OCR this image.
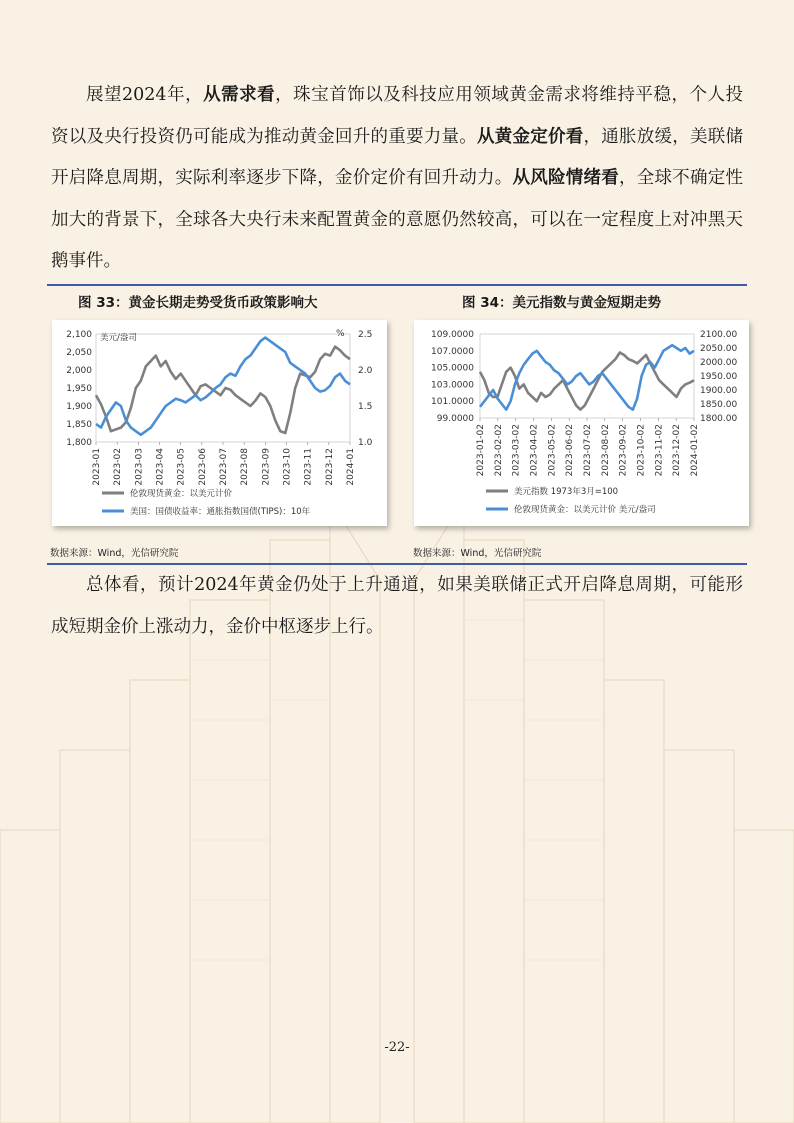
展望2024年，从需求看，珠宝首饰以及科技应用领域黄金需求将维持平稳，个人投资以及央行投资仍可能成为推动黄金回升的重要力量。从黄金定价看，通胀放缓，美联储开启降息周期，实际利率逐步下降，金价定价有回升动力。从风险情绪看，全球不确定性加大的背景下，全球各大央行未来配置黄金的意愿仍然较高，可以在一定程度上对冲黑天鹅事件。

图 33：黄金长期走势受货币政策影响大	图 34：美元指数与黄金短期走势
2,100
2,050
2,000
1,950
1,900
1,850
1,800
2.5
2.0
1.5
1.0
美元/盎司	%
2023-01 2023-02 2023-03 2023-04 2023-05 2023-06 2023-07 2023-08 2023-09 2023-10 2023-11 2023-12 2024-01
伦敦现货黄金：以美元计价
美国：国债收益率：通胀指数国债(TIPS)：10年
109.0000
107.0000
105.0000
103.0000
101.0000
99.0000
2100.00
2050.00
2000.00
1950.00
1900.00
1850.00
1800.00
2023-01-02 2023-02-02 2023-03-02 2023-04-02 2023-05-02 2023-06-02 2023-07-02 2023-08-02 2023-09-02 2023-10-02 2023-11-02 2023-12-02 2024-01-02
美元指数 1973年3月=100
伦敦现货黄金：以美元计价 美元/盎司
数据来源：Wind，光信研究院	数据来源：Wind，光信研究院

总体看，预计2024年黄金仍处于上升通道，如果美联储正式开启降息周期，可能形成短期金价上涨动力，金价中枢逐步上行。

-22-
